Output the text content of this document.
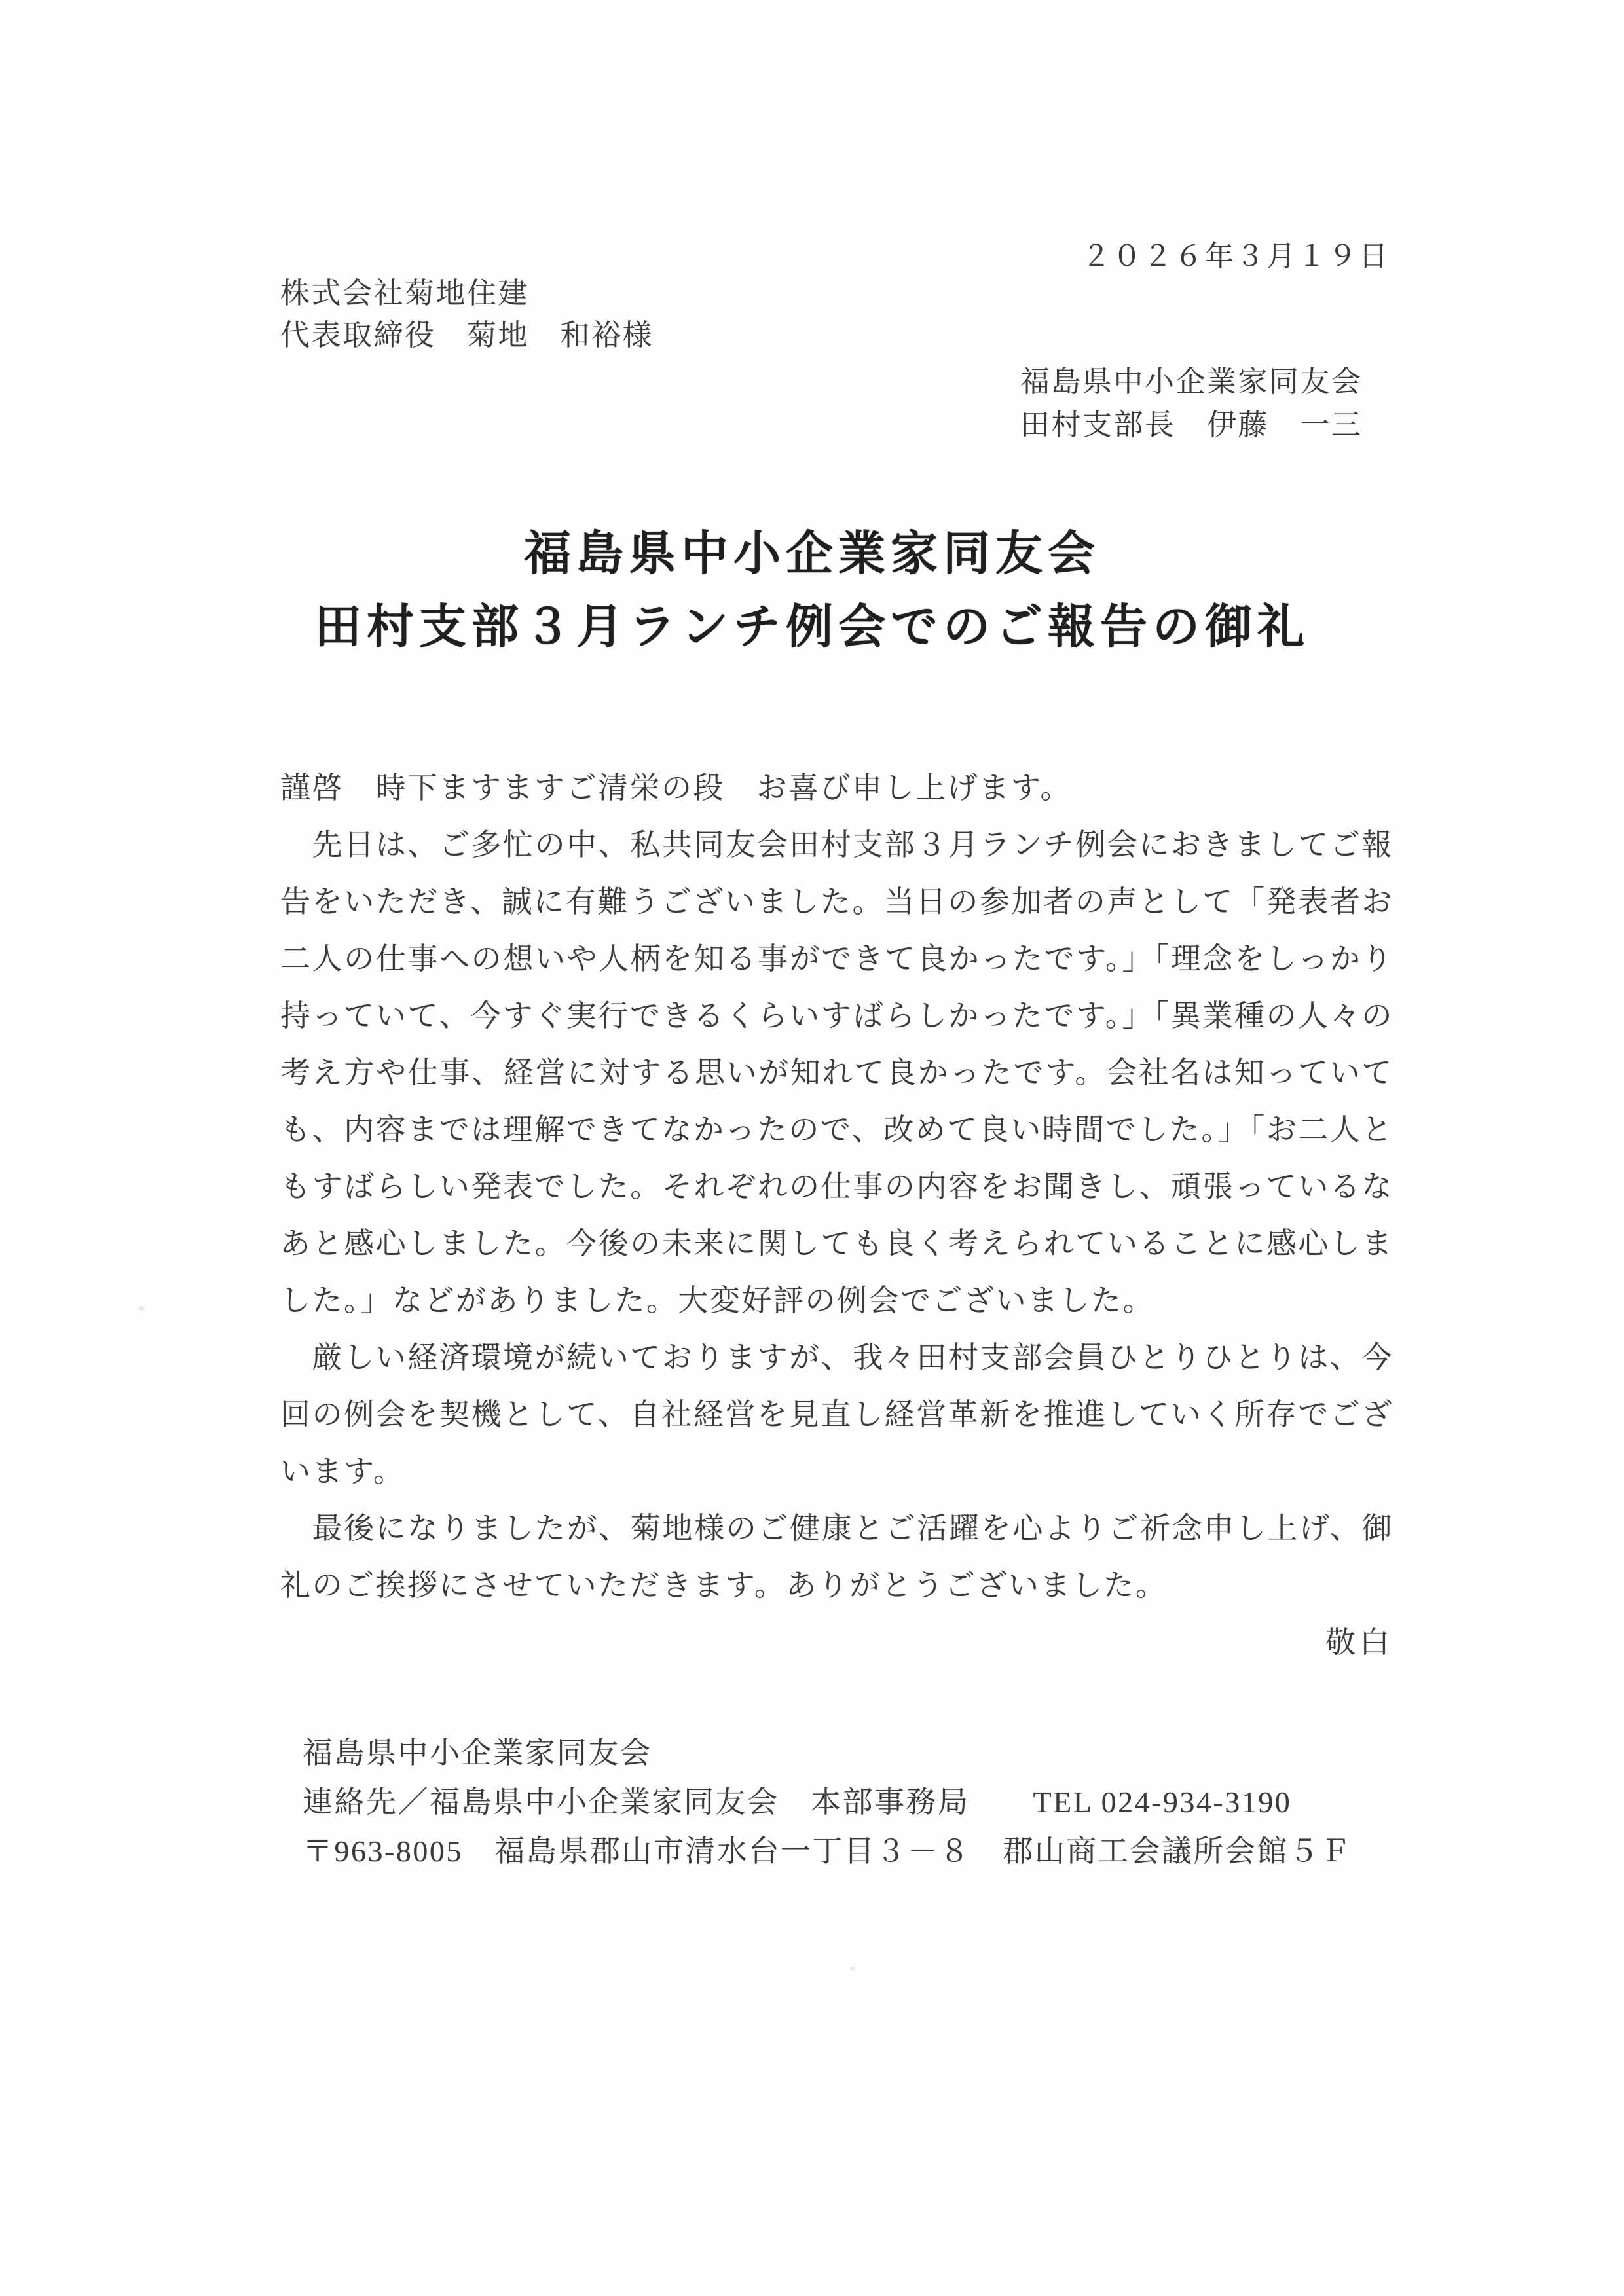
２０２６年３月１９日
株式会社菊地住建
代表取締役　菊地　和裕様
福島県中小企業家同友会
田村支部長　伊藤　一三
福島県中小企業家同友会
田村支部３月ランチ例会でのご報告の御礼
謹啓　時下ますますご清栄の段　お喜び申し上げます。
　先日は、ご多忙の中、私共同友会田村支部３月ランチ例会におきましてご報
告をいただき、誠に有難うございました。当日の参加者の声として「発表者お
二人の仕事への想いや人柄を知る事ができて良かったです。」「理念をしっかり
持っていて、今すぐ実行できるくらいすばらしかったです。」「異業種の人々の
考え方や仕事、経営に対する思いが知れて良かったです。会社名は知っていて
も、内容までは理解できてなかったので、改めて良い時間でした。」「お二人と
もすばらしい発表でした。それぞれの仕事の内容をお聞きし、頑張っているな
あと感心しました。今後の未来に関しても良く考えられていることに感心しま
した。」などがありました。大変好評の例会でございました。
　厳しい経済環境が続いておりますが、我々田村支部会員ひとりひとりは、今
回の例会を契機として、自社経営を見直し経営革新を推進していく所存でござ
います。
　最後になりましたが、菊地様のご健康とご活躍を心よりご祈念申し上げ、御
礼のご挨拶にさせていただきます。ありがとうございました。
敬白
福島県中小企業家同友会
連絡先／福島県中小企業家同友会　本部事務局　　TEL 024-934-3190
〒963-8005　福島県郡山市清水台一丁目３－８　郡山商工会議所会館５Ｆ
